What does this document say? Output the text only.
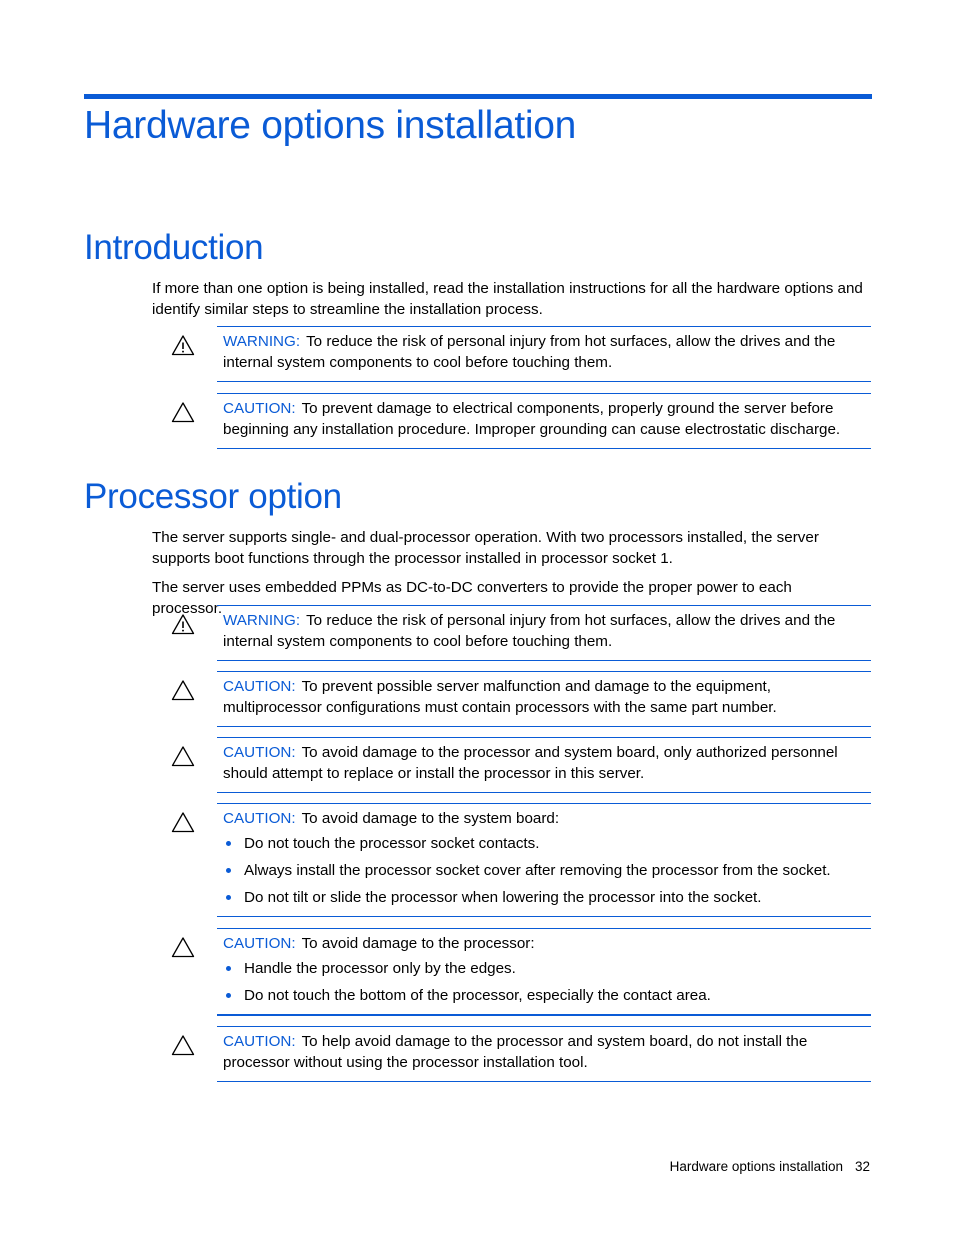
Hardware options installation
Introduction

If more than one option is being installed, read the installation instructions for all the hardware options and identify similar steps to streamline the installation process.

WARNING: To reduce the risk of personal injury from hot surfaces, allow the drives and the internal system components to cool before touching them.

CAUTION: To prevent damage to electrical components, properly ground the server before beginning any installation procedure. Improper grounding can cause electrostatic discharge.

Processor option

The server supports single- and dual-processor operation. With two processors installed, the server supports boot functions through the processor installed in processor socket 1.

The server uses embedded PPMs as DC-to-DC converters to provide the proper power to each processor.

WARNING: To reduce the risk of personal injury from hot surfaces, allow the drives and the internal system components to cool before touching them.

CAUTION: To prevent possible server malfunction and damage to the equipment, multiprocessor configurations must contain processors with the same part number.

CAUTION: To avoid damage to the processor and system board, only authorized personnel should attempt to replace or install the processor in this server.

CAUTION: To avoid damage to the system board:

Do not touch the processor socket contacts.
Always install the processor socket cover after removing the processor from the socket.
Do not tilt or slide the processor when lowering the processor into the socket.

CAUTION: To avoid damage to the processor:

Handle the processor only by the edges.
Do not touch the bottom of the processor, especially the contact area.

CAUTION: To help avoid damage to the processor and system board, do not install the processor without using the processor installation tool.

Hardware options installation 32
